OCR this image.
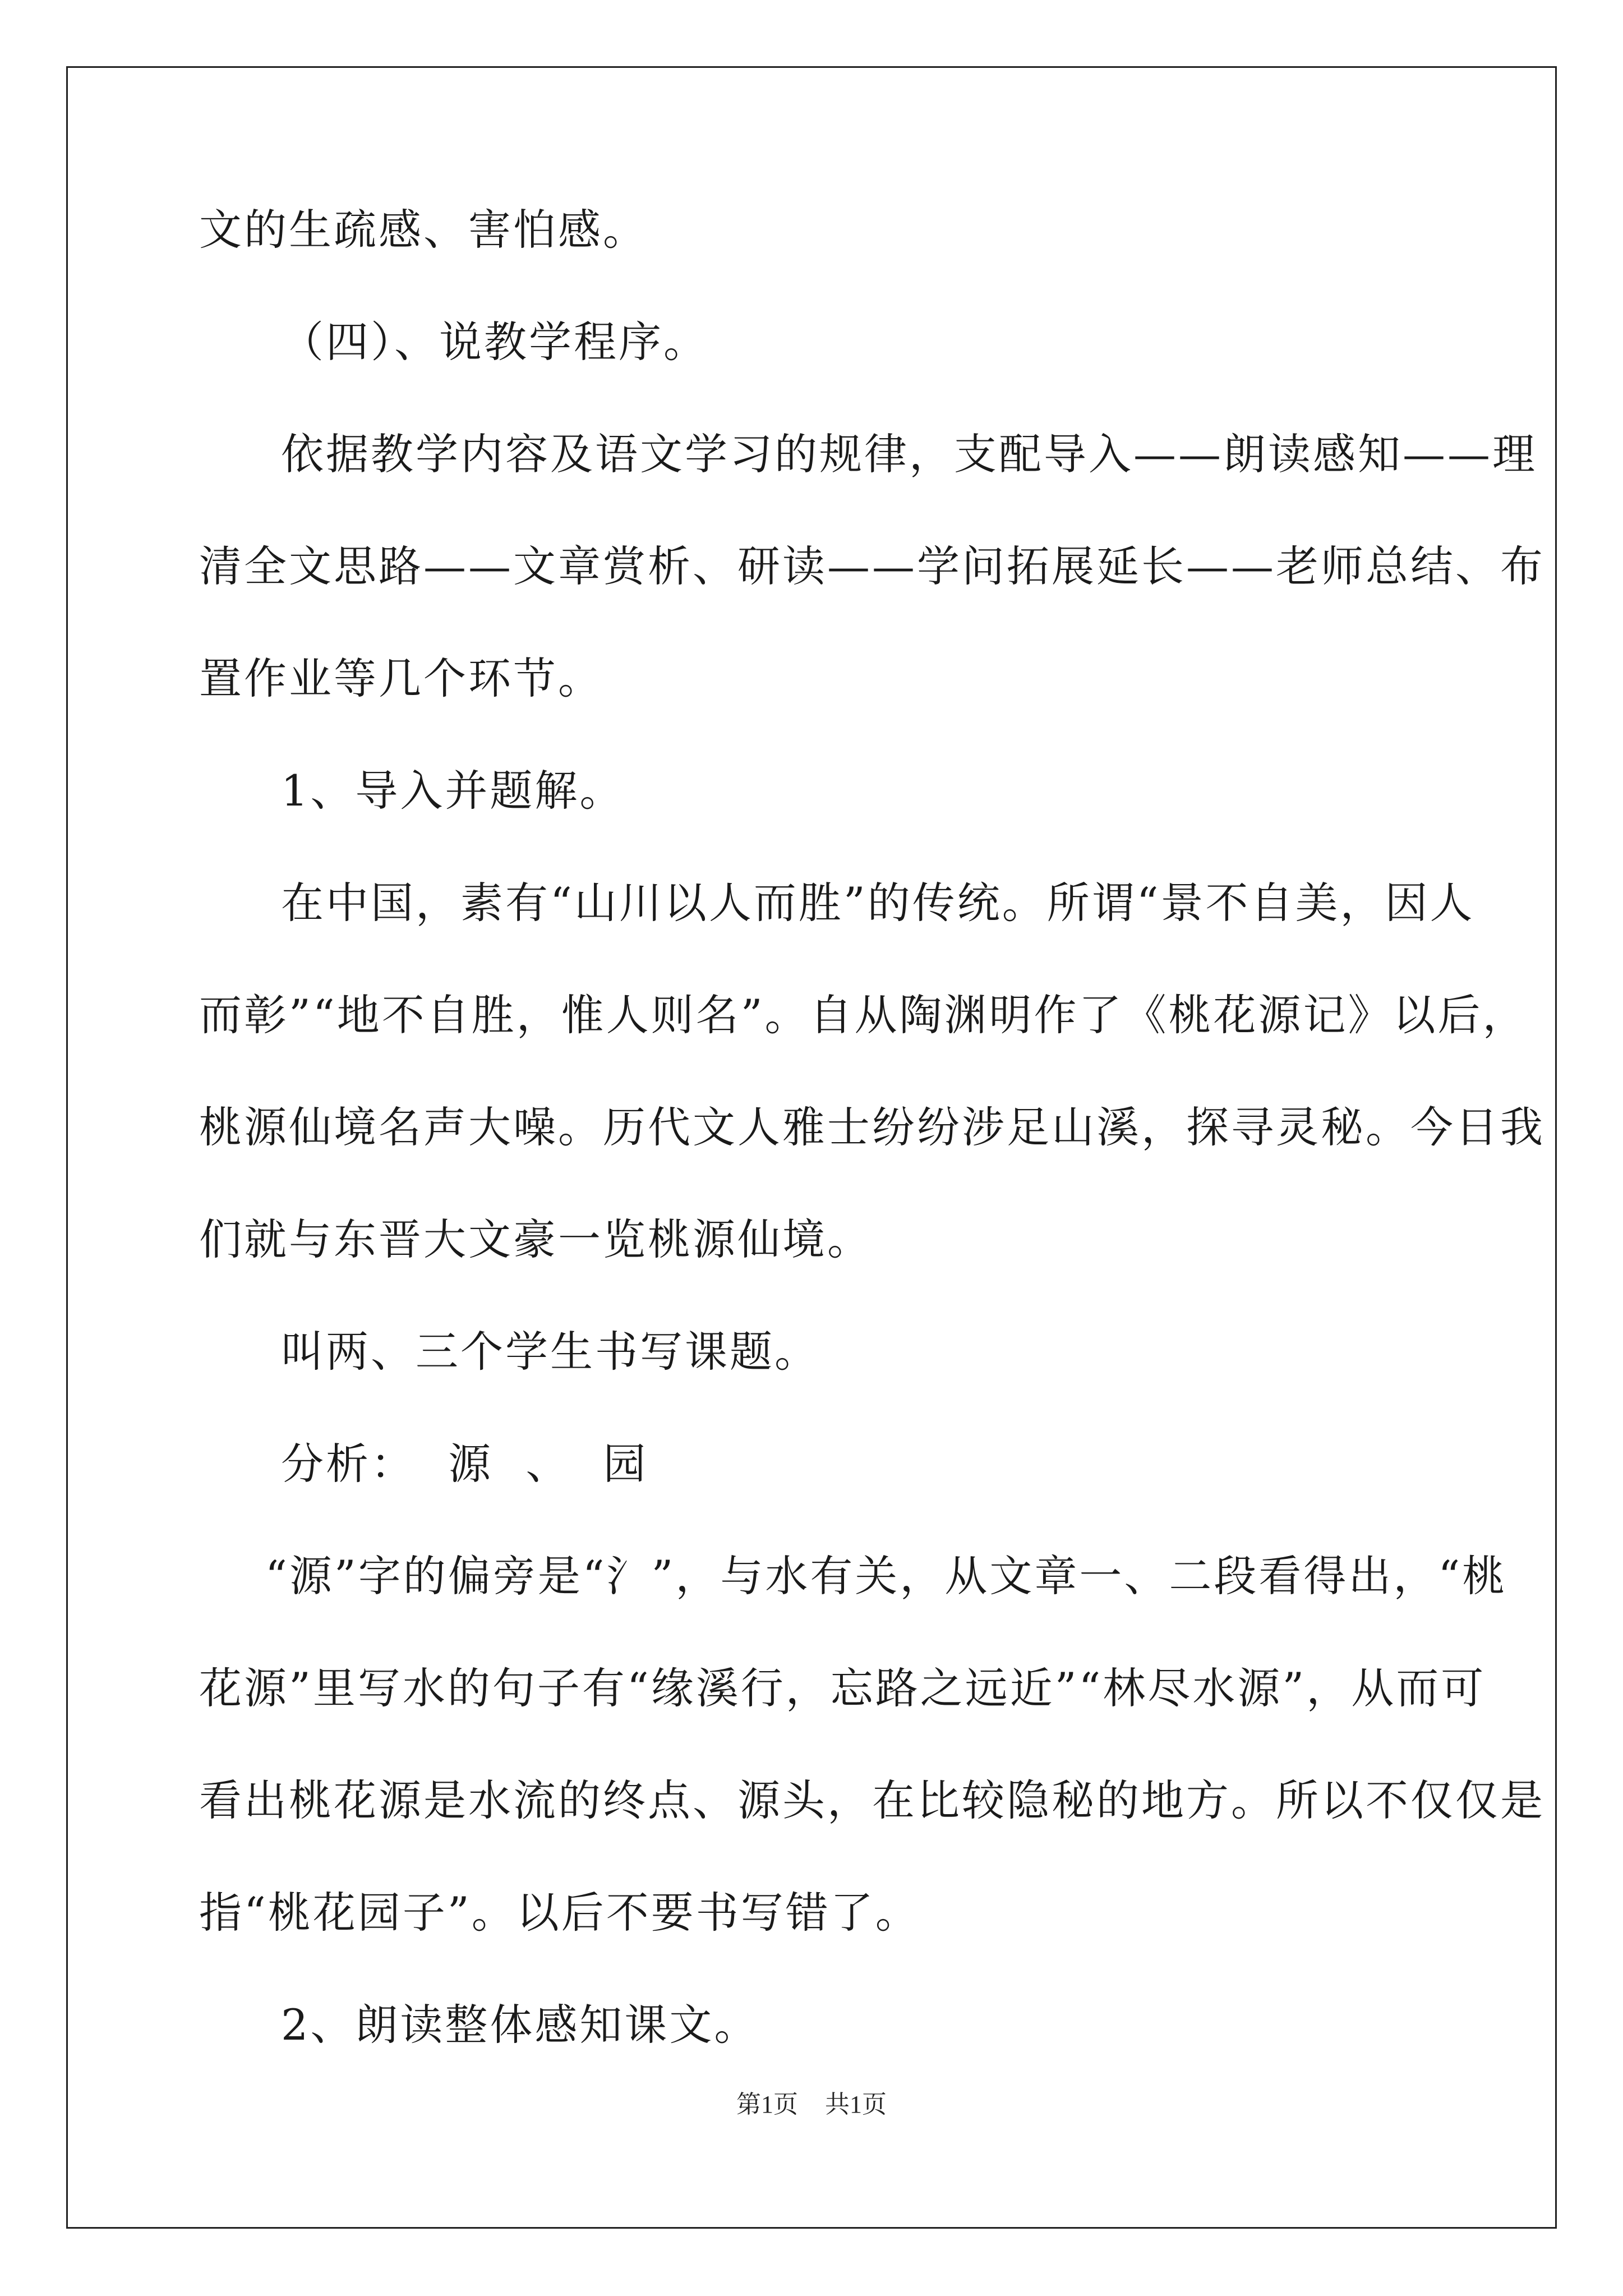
文的生疏感、害怕感。
（四）、说教学程序。
依据教学内容及语文学习的规律，支配导入——朗读感知——理
清全文思路——文章赏析、研读——学问拓展延长——老师总结、布
置作业等几个环节。
1、导入并题解。
在中国，素有“山川以人而胜”的传统。所谓“景不自美，因人
而彰”“地不自胜，惟人则名”。自从陶渊明作了《桃花源记》以后，
桃源仙境名声大噪。历代文人雅士纷纷涉足山溪，探寻灵秘。今日我
们就与东晋大文豪一览桃源仙境。
叫两、三个学生书写课题。
分析： 源 、 园
“源”字的偏旁是“氵”，与水有关，从文章一、二段看得出，“桃
花源”里写水的句子有“缘溪行，忘路之远近”“林尽水源”，从而可
看出桃花源是水流的终点、源头，在比较隐秘的地方。所以不仅仅是
指“桃花园子”。以后不要书写错了。
2、朗读整体感知课文。
第1页 共1页
